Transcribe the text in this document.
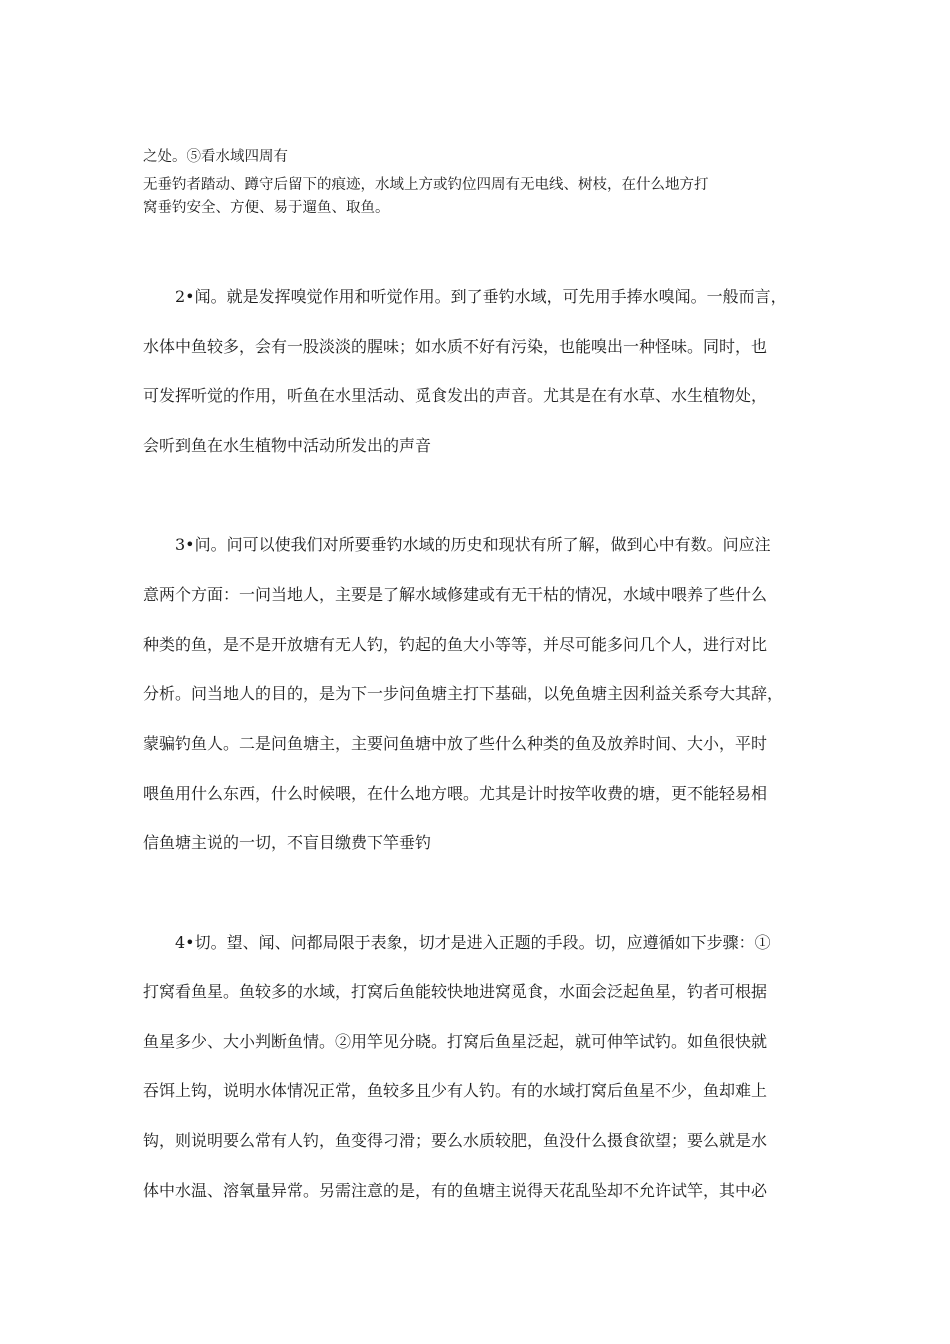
之处。⑤看水域四周有
无垂钓者踏动、蹲守后留下的痕迹，水域上方或钓位四周有无电线、树枝，在什么地方打
窝垂钓安全、方便、易于遛鱼、取鱼。
2•闻。就是发挥嗅觉作用和听觉作用。到了垂钓水域，可先用手捧水嗅闻。一般而言，
水体中鱼较多，会有一股淡淡的腥味；如水质不好有污染，也能嗅出一种怪味。同时，也
可发挥听觉的作用，听鱼在水里活动、觅食发出的声音。尤其是在有水草、水生植物处，
会听到鱼在水生植物中活动所发出的声音
3•问。问可以使我们对所要垂钓水域的历史和现状有所了解，做到心中有数。问应注
意两个方面：一问当地人，主要是了解水域修建或有无干枯的情况，水域中喂养了些什么
种类的鱼，是不是开放塘有无人钓，钓起的鱼大小等等，并尽可能多问几个人，进行对比
分析。问当地人的目的，是为下一步问鱼塘主打下基础，以免鱼塘主因利益关系夸大其辞，
蒙骗钓鱼人。二是问鱼塘主，主要问鱼塘中放了些什么种类的鱼及放养时间、大小，平时
喂鱼用什么东西，什么时候喂，在什么地方喂。尤其是计时按竿收费的塘，更不能轻易相
信鱼塘主说的一切，不盲目缴费下竿垂钓
4•切。望、闻、问都局限于表象，切才是进入正题的手段。切，应遵循如下步骤：①
打窝看鱼星。鱼较多的水域，打窝后鱼能较快地进窝觅食，水面会泛起鱼星，钓者可根据
鱼星多少、大小判断鱼情。②用竿见分晓。打窝后鱼星泛起，就可伸竿试钓。如鱼很快就
吞饵上钩，说明水体情况正常，鱼较多且少有人钓。有的水域打窝后鱼星不少，鱼却难上
钩，则说明要么常有人钓，鱼变得刁滑；要么水质较肥，鱼没什么摄食欲望；要么就是水
体中水温、溶氧量异常。另需注意的是，有的鱼塘主说得天花乱坠却不允许试竿，其中必
